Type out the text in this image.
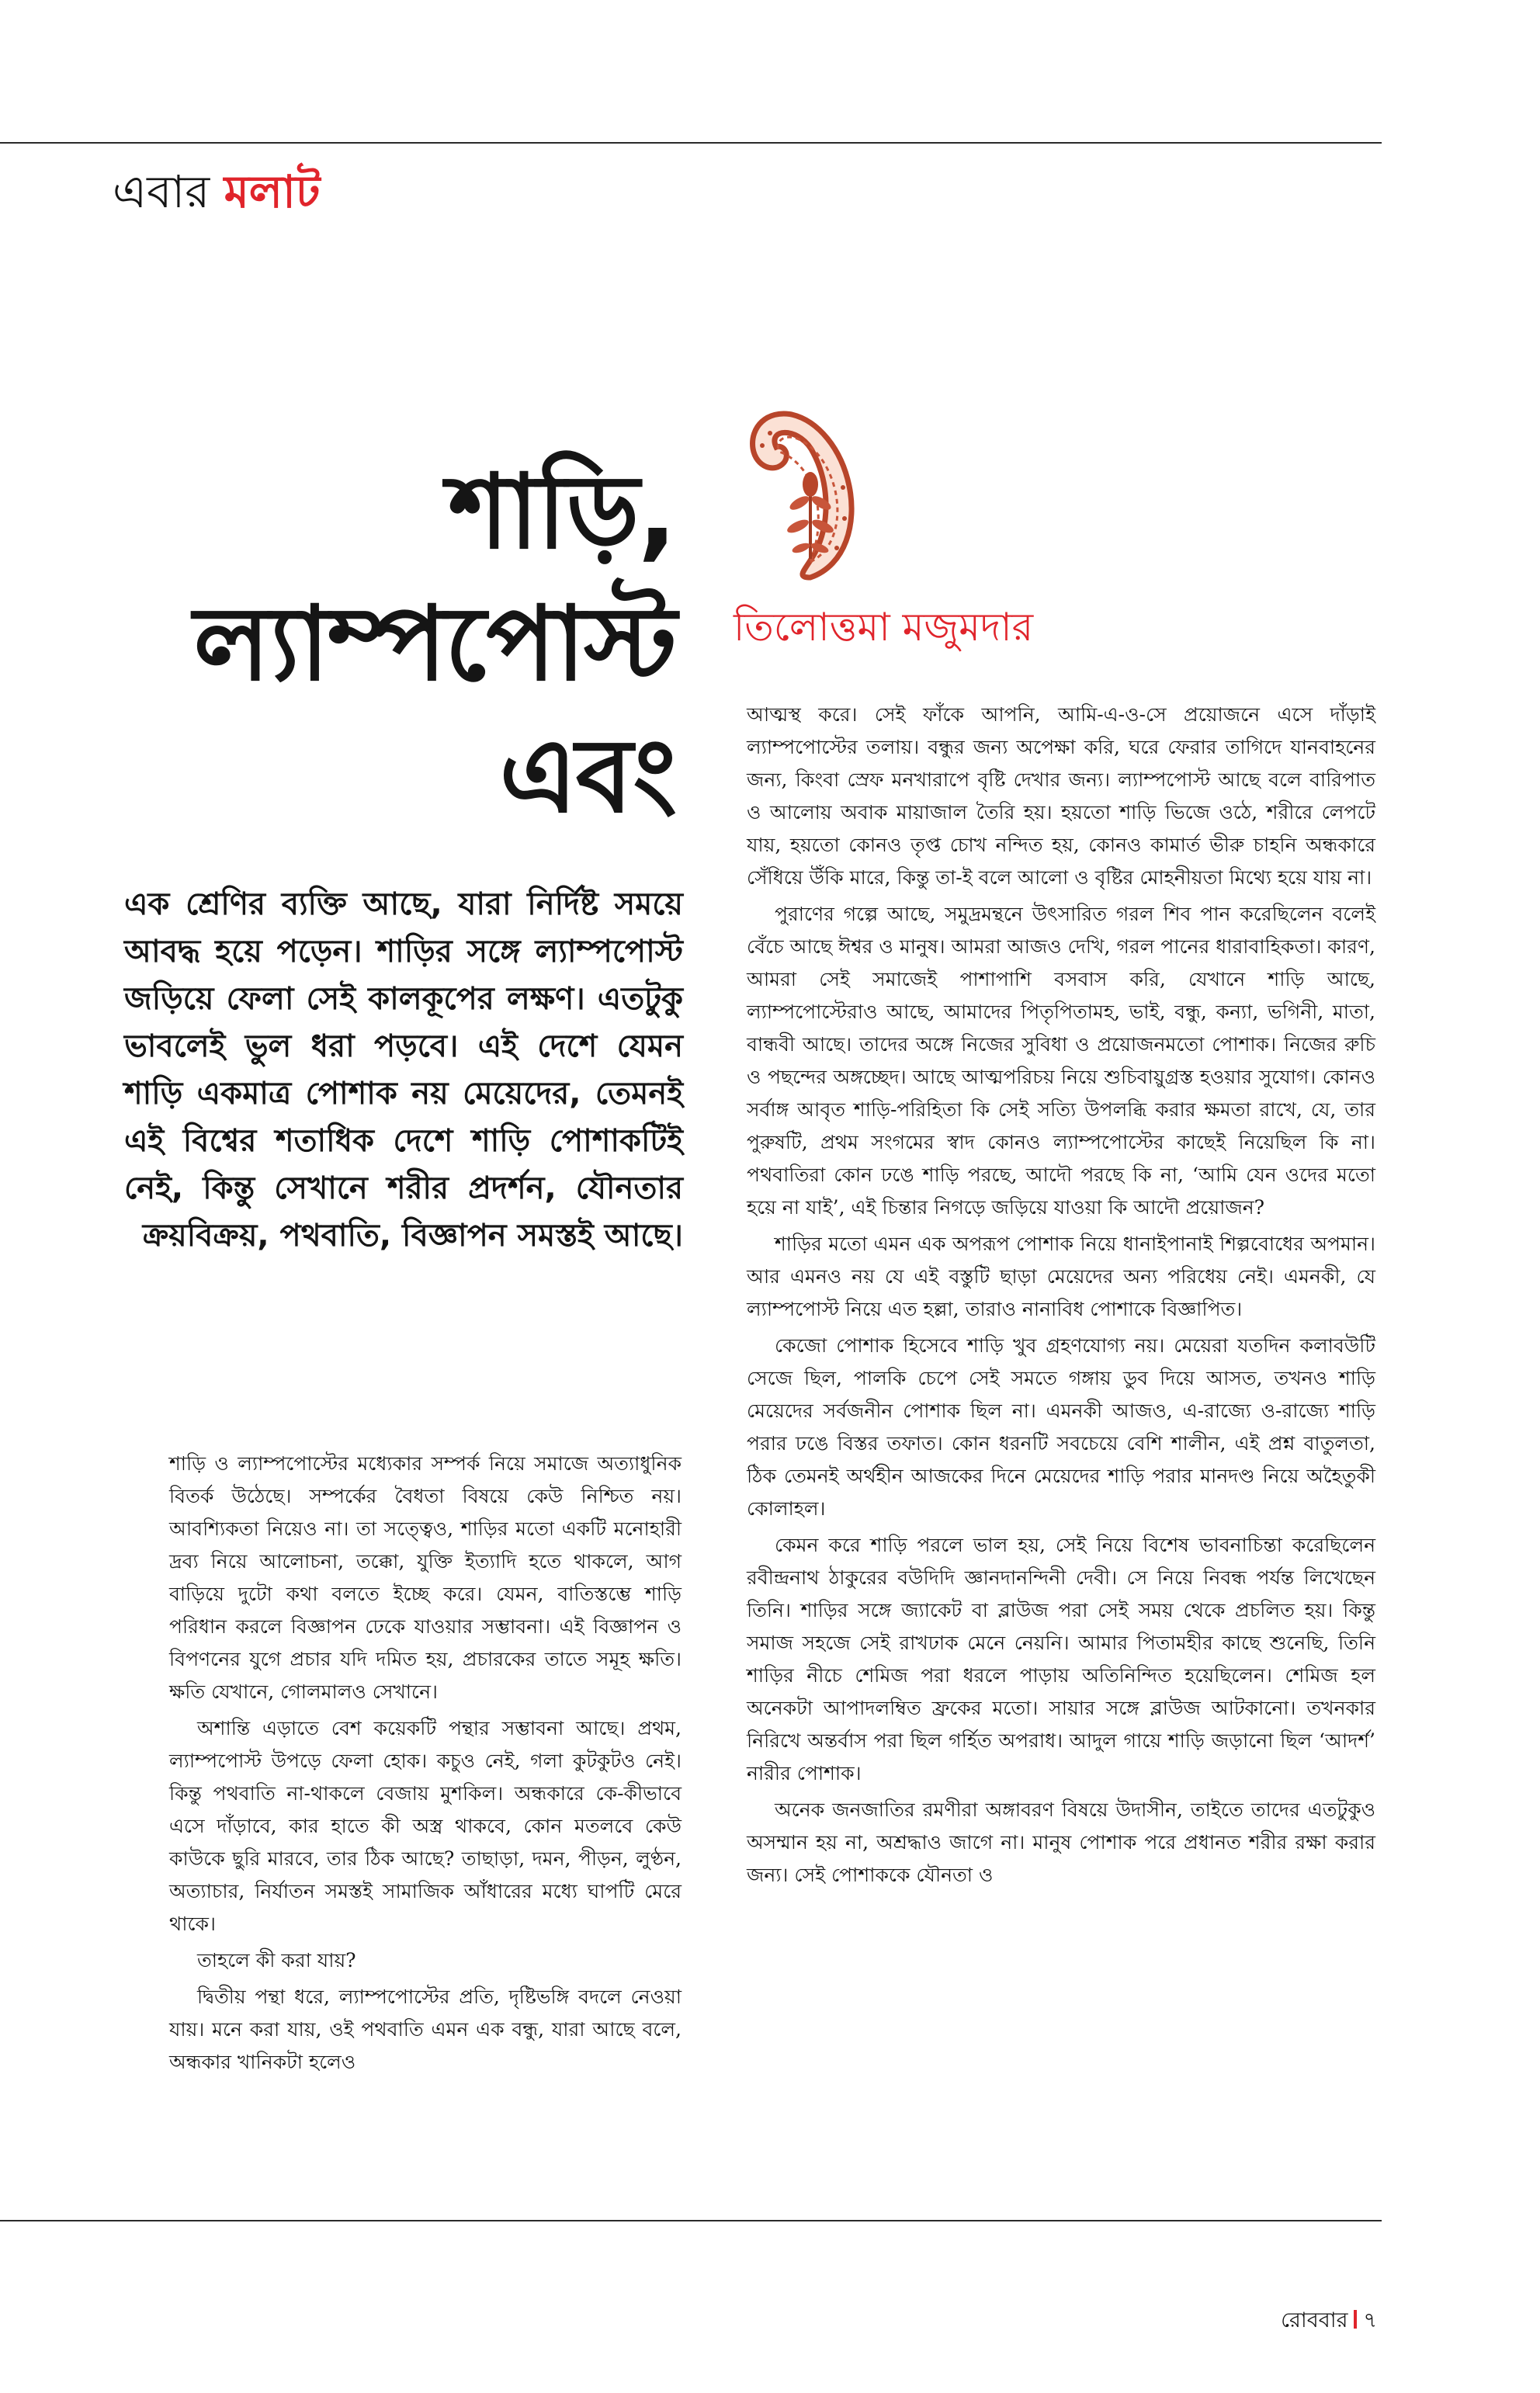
এবার মলাট
শাড়ি,
ল্যাম্পপোস্ট
এবং
তিলোত্তমা মজুমদার

এক শ্রেণির ব্যক্তি আছে, যারা নির্দিষ্ট সময়ে আবদ্ধ হয়ে পড়েন। শাড়ির সঙ্গে ল্যাম্পপোস্ট জড়িয়ে ফেলা সেই কালকূপের লক্ষণ। এতটুকু ভাবলেই ভুল ধরা পড়বে। এই দেশে যেমন শাড়ি একমাত্র পোশাক নয় মেয়েদের, তেমনই এই বিশ্বের শতাধিক দেশে শাড়ি পোশাকটিই নেই, কিন্তু সেখানে শরীর প্রদর্শন, যৌনতার ক্রয়বিক্রয়, পথবাতি, বিজ্ঞাপন সমস্তই আছে।

শাড়ি ও ল্যাম্পপোস্টের মধ্যেকার সম্পর্ক নিয়ে সমাজে অত্যাধুনিক বিতর্ক উঠেছে। সম্পর্কের বৈধতা বিষয়ে কেউ নিশ্চিত নয়। আবশ্যিকতা নিয়েও না। তা সত্ত্বেও, শাড়ির মতো একটি মনোহারী দ্রব্য নিয়ে আলোচনা, তক্কো, যুক্তি ইত্যাদি হতে থাকলে, আগ বাড়িয়ে দুটো কথা বলতে ইচ্ছে করে। যেমন, বাতিস্তম্ভে শাড়ি পরিধান করলে বিজ্ঞাপন ঢেকে যাওয়ার সম্ভাবনা। এই বিজ্ঞাপন ও বিপণনের যুগে প্রচার যদি দমিত হয়, প্রচারকের তাতে সমূহ ক্ষতি। ক্ষতি যেখানে, গোলমালও সেখানে।

অশান্তি এড়াতে বেশ কয়েকটি পন্থার সম্ভাবনা আছে। প্রথম, ল্যাম্পপোস্ট উপড়ে ফেলা হোক। কচুও নেই, গলা কুটকুটও নেই। কিন্তু পথবাতি না-থাকলে বেজায় মুশকিল। অন্ধকারে কে-কীভাবে এসে দাঁড়াবে, কার হাতে কী অস্ত্র থাকবে, কোন মতলবে কেউ কাউকে ছুরি মারবে, তার ঠিক আছে? তাছাড়া, দমন, পীড়ন, লুণ্ঠন, অত্যাচার, নির্যাতন সমস্তই সামাজিক আঁধারের মধ্যে ঘাপটি মেরে থাকে।

তাহলে কী করা যায়?

দ্বিতীয় পন্থা ধরে, ল্যাম্পপোস্টের প্রতি, দৃষ্টিভঙ্গি বদলে নেওয়া যায়। মনে করা যায়, ওই পথবাতি এমন এক বন্ধু, যারা আছে বলে, অন্ধকার খানিকটা হলেও

আত্মস্থ করে। সেই ফাঁকে আপনি, আমি-এ-ও-সে প্রয়োজনে এসে দাঁড়াই ল্যাম্পপোস্টের তলায়। বন্ধুর জন্য অপেক্ষা করি, ঘরে ফেরার তাগিদে যানবাহনের জন্য, কিংবা স্রেফ মনখারাপে বৃষ্টি দেখার জন্য। ল্যাম্পপোস্ট আছে বলে বারিপাত ও আলোয় অবাক মায়াজাল তৈরি হয়। হয়তো শাড়ি ভিজে ওঠে, শরীরে লেপটে যায়, হয়তো কোনও তৃপ্ত চোখ নন্দিত হয়, কোনও কামার্ত ভীরু চাহনি অন্ধকারে সেঁধিয়ে উঁকি মারে, কিন্তু তা-ই বলে আলো ও বৃষ্টির মোহনীয়তা মিথ্যে হয়ে যায় না।

পুরাণের গল্পে আছে, সমুদ্রমন্থনে উৎসারিত গরল শিব পান করেছিলেন বলেই বেঁচে আছে ঈশ্বর ও মানুষ। আমরা আজও দেখি, গরল পানের ধারাবাহিকতা। কারণ, আমরা সেই সমাজেই পাশাপাশি বসবাস করি, যেখানে শাড়ি আছে, ল্যাম্পপোস্টেরাও আছে, আমাদের পিতৃপিতামহ, ভাই, বন্ধু, কন্যা, ভগিনী, মাতা, বান্ধবী আছে। তাদের অঙ্গে নিজের সুবিধা ও প্রয়োজনমতো পোশাক। নিজের রুচি ও পছন্দের অঙ্গচ্ছেদ। আছে আত্মপরিচয় নিয়ে শুচিবায়ুগ্রস্ত হওয়ার সুযোগ। কোনও সর্বাঙ্গ আবৃত শাড়ি-পরিহিতা কি সেই সত্যি উপলব্ধি করার ক্ষমতা রাখে, যে, তার পুরুষটি, প্রথম সংগমের স্বাদ কোনও ল্যাম্পপোস্টের কাছেই নিয়েছিল কি না। পথবাতিরা কোন ঢঙে শাড়ি পরছে, আদৌ পরছে কি না, ‘আমি যেন ওদের মতো হয়ে না যাই’, এই চিন্তার নিগড়ে জড়িয়ে যাওয়া কি আদৌ প্রয়োজন?

শাড়ির মতো এমন এক অপরূপ পোশাক নিয়ে ধানাইপানাই শিল্পবোধের অপমান। আর এমনও নয় যে এই বস্তুটি ছাড়া মেয়েদের অন্য পরিধেয় নেই। এমনকী, যে ল্যাম্পপোস্ট নিয়ে এত হল্লা, তারাও নানাবিধ পোশাকে বিজ্ঞাপিত।

কেজো পোশাক হিসেবে শাড়ি খুব গ্রহণযোগ্য নয়। মেয়েরা যতদিন কলাবউটি সেজে ছিল, পালকি চেপে সেই সমতে গঙ্গায় ডুব দিয়ে আসত, তখনও শাড়ি মেয়েদের সর্বজনীন পোশাক ছিল না। এমনকী আজও, এ-রাজ্যে ও-রাজ্যে শাড়ি পরার ঢঙে বিস্তর তফাত। কোন ধরনটি সবচেয়ে বেশি শালীন, এই প্রশ্ন বাতুলতা, ঠিক তেমনই অর্থহীন আজকের দিনে মেয়েদের শাড়ি পরার মানদণ্ড নিয়ে অহৈতুকী কোলাহল।

কেমন করে শাড়ি পরলে ভাল হয়, সেই নিয়ে বিশেষ ভাবনাচিন্তা করেছিলেন রবীন্দ্রনাথ ঠাকুরের বউদিদি জ্ঞানদানন্দিনী দেবী। সে নিয়ে নিবন্ধ পর্যন্ত লিখেছেন তিনি। শাড়ির সঙ্গে জ্যাকেট বা ব্লাউজ পরা সেই সময় থেকে প্রচলিত হয়। কিন্তু সমাজ সহজে সেই রাখঢাক মেনে নেয়নি। আমার পিতামহীর কাছে শুনেছি, তিনি শাড়ির নীচে শেমিজ পরা ধরলে পাড়ায় অতিনিন্দিত হয়েছিলেন। শেমিজ হল অনেকটা আপাদলম্বিত ফ্রকের মতো। সায়ার সঙ্গে ব্লাউজ আটকানো। তখনকার নিরিখে অন্তর্বাস পরা ছিল গর্হিত অপরাধ। আদুল গায়ে শাড়ি জড়ানো ছিল ‘আদর্শ’ নারীর পোশাক।

অনেক জনজাতির রমণীরা অঙ্গাবরণ বিষয়ে উদাসীন, তাইতে তাদের এতটুকুও অসম্মান হয় না, অশ্রদ্ধাও জাগে না। মানুষ পোশাক পরে প্রধানত শরীর রক্ষা করার জন্য। সেই পোশাককে যৌনতা ও

রোববার ৭
